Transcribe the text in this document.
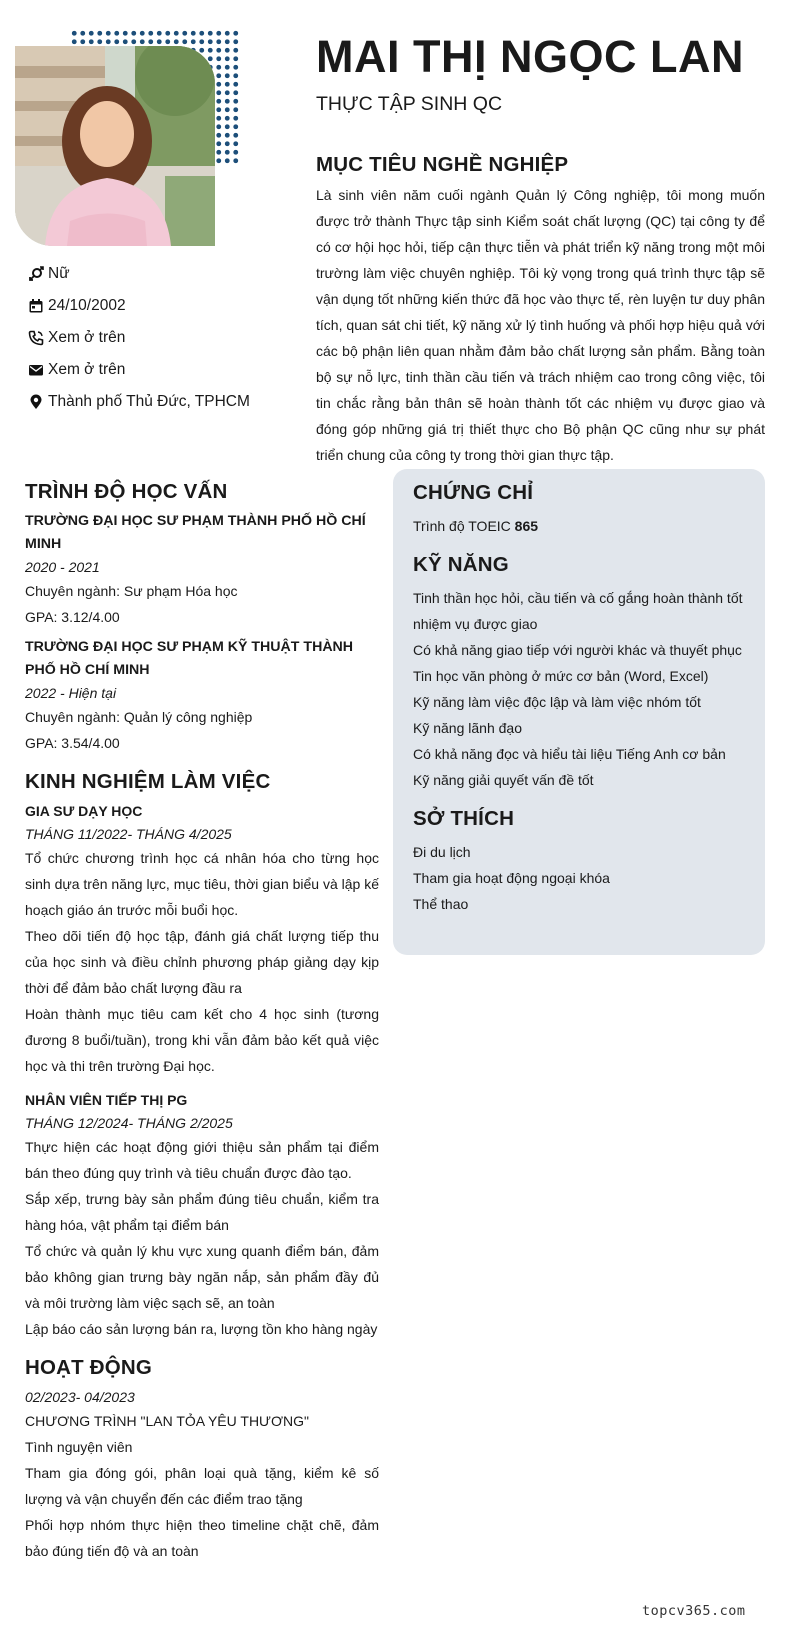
Nữ
24/10/2002
Xem ở trên
Xem ở trên
Thành phố Thủ Đức, TPHCM
MAI THỊ NGỌC LAN
THỰC TẬP SINH QC
MỤC TIÊU NGHỀ NGHIỆP
Là sinh viên năm cuối ngành Quản lý Công nghiệp, tôi mong muốn được trở thành Thực tập sinh Kiểm soát chất lượng (QC) tại công ty để có cơ hội học hỏi, tiếp cận thực tiễn và phát triển kỹ năng trong một môi trường làm việc chuyên nghiệp. Tôi kỳ vọng trong quá trình thực tập sẽ vận dụng tốt những kiến thức đã học vào thực tế, rèn luyện tư duy phân tích, quan sát chi tiết, kỹ năng xử lý tình huống và phối hợp hiệu quả với các bộ phận liên quan nhằm đảm bảo chất lượng sản phẩm. Bằng toàn bộ sự nỗ lực, tinh thần cầu tiến và trách nhiệm cao trong công việc, tôi tin chắc rằng bản thân sẽ hoàn thành tốt các nhiệm vụ được giao và đóng góp những giá trị thiết thực cho Bộ phận QC cũng như sự phát triển chung của công ty trong thời gian thực tập.
TRÌNH ĐỘ HỌC VẤN
TRƯỜNG ĐẠI HỌC SƯ PHẠM THÀNH PHỐ HỒ CHÍ MINH
2020 - 2021
Chuyên ngành: Sư phạm Hóa học
GPA: 3.12/4.00
TRƯỜNG ĐẠI HỌC SƯ PHẠM KỸ THUẬT THÀNH PHỐ HỒ CHÍ MINH
2022 - Hiện tại
Chuyên ngành: Quản lý công nghiệp
GPA: 3.54/4.00
KINH NGHIỆM LÀM VIỆC
GIA SƯ DẠY HỌC
THÁNG 11/2022- THÁNG 4/2025
Tổ chức chương trình học cá nhân hóa cho từng học sinh dựa trên năng lực, mục tiêu, thời gian biểu và lập kế hoạch giáo án trước mỗi buổi học.
Theo dõi tiến độ học tập, đánh giá chất lượng tiếp thu của học sinh và điều chỉnh phương pháp giảng dạy kịp thời để đảm bảo chất lượng đầu ra
Hoàn thành mục tiêu cam kết cho 4 học sinh (tương đương 8 buổi/tuần), trong khi vẫn đảm bảo kết quả việc học và thi trên trường Đại học.
NHÂN VIÊN TIẾP THỊ PG
THÁNG 12/2024- THÁNG 2/2025
Thực hiện các hoạt động giới thiệu sản phẩm tại điểm bán theo đúng quy trình và tiêu chuẩn được đào tạo.
Sắp xếp, trưng bày sản phẩm đúng tiêu chuẩn, kiểm tra hàng hóa, vật phẩm tại điểm bán
Tổ chức và quản lý khu vực xung quanh điểm bán, đảm bảo không gian trưng bày ngăn nắp, sản phẩm đầy đủ và môi trường làm việc sạch sẽ, an toàn
Lập báo cáo sản lượng bán ra, lượng tồn kho hàng ngày
HOẠT ĐỘNG
02/2023- 04/2023
CHƯƠNG TRÌNH "LAN TỎA YÊU THƯƠNG"
Tình nguyện viên
Tham gia đóng gói, phân loại quà tặng, kiểm kê số lượng và vận chuyển đến các điểm trao tặng
Phối hợp nhóm thực hiện theo timeline chặt chẽ, đảm bảo đúng tiến độ và an toàn
CHỨNG CHỈ
Trình độ TOEIC 865
KỸ NĂNG
Tinh thần học hỏi, cầu tiến và cố gắng hoàn thành tốt nhiệm vụ được giao
Có khả năng giao tiếp với người khác và thuyết phục
Tin học văn phòng ở mức cơ bản (Word, Excel)
Kỹ năng làm việc độc lập và làm việc nhóm tốt
Kỹ năng lãnh đạo
Có khả năng đọc và hiểu tài liệu Tiếng Anh cơ bản
Kỹ năng giải quyết vấn đề tốt
SỞ THÍCH
Đi du lịch
Tham gia hoạt động ngoại khóa
Thể thao
topcv365.com
